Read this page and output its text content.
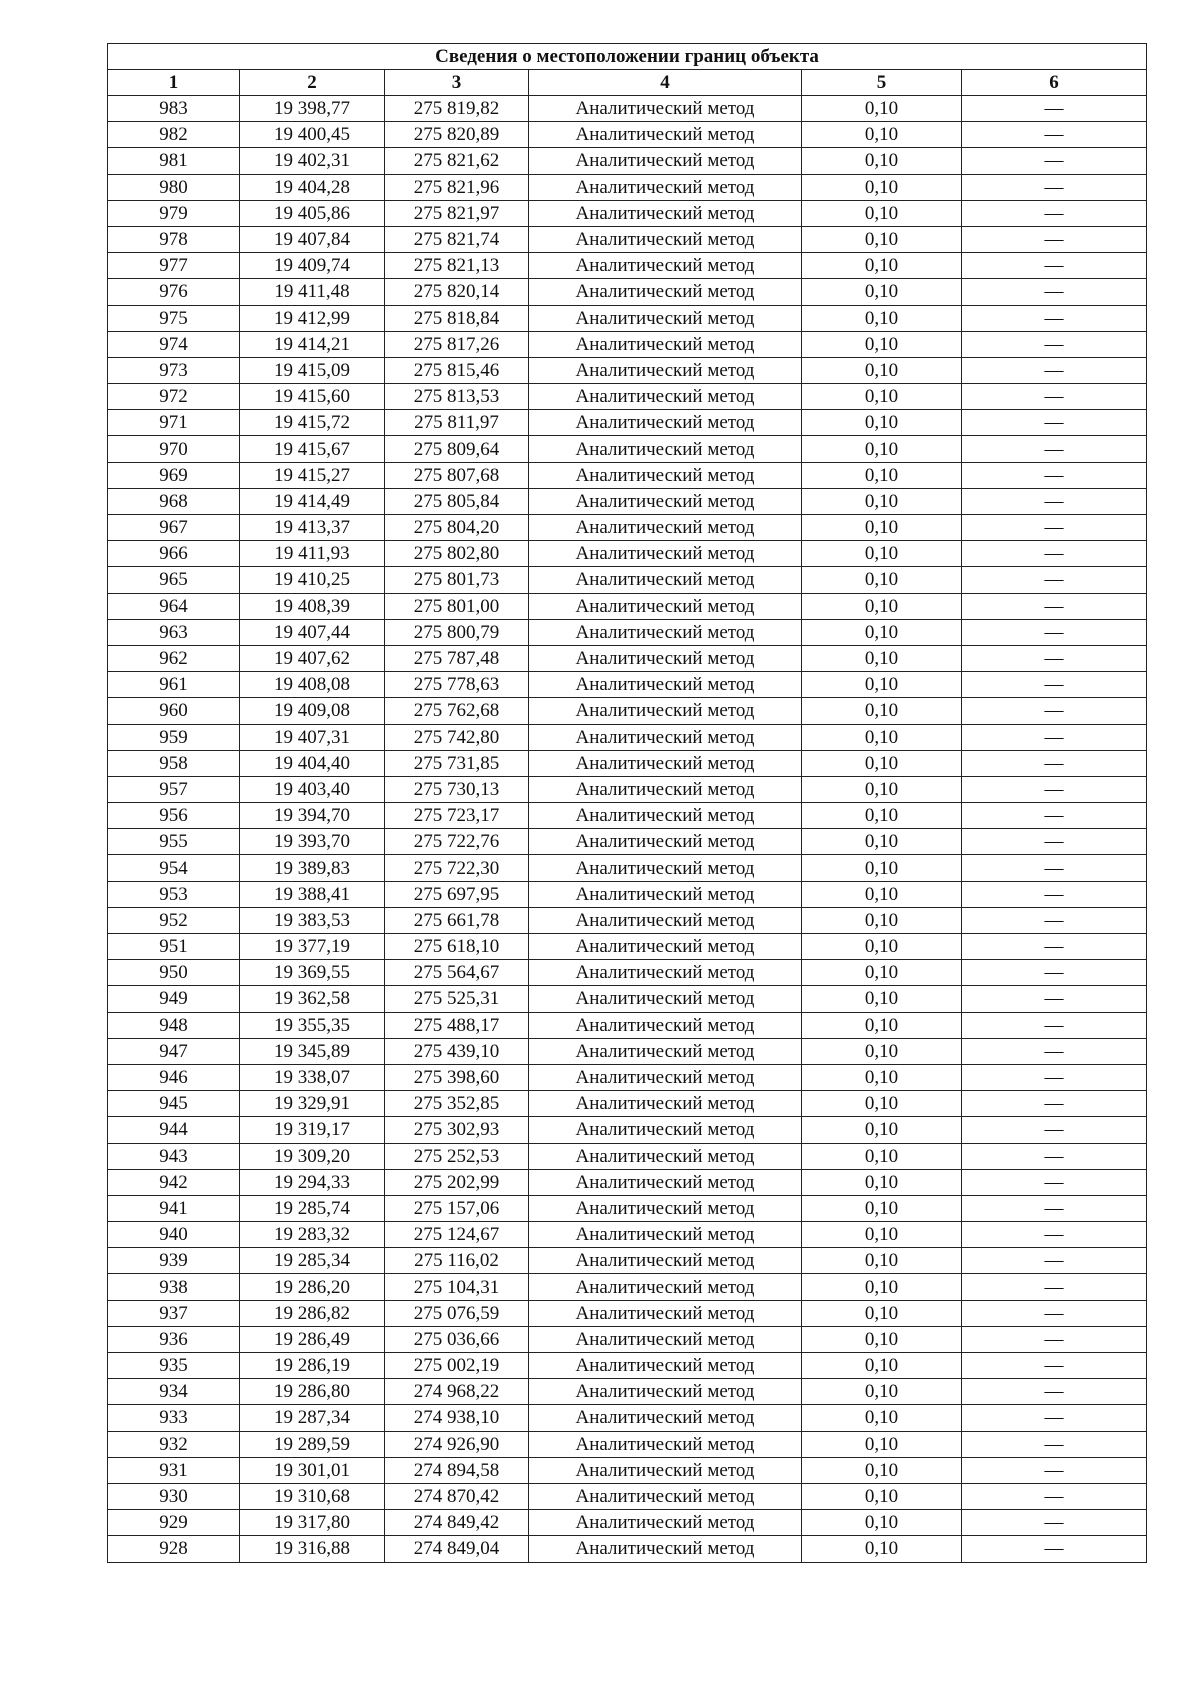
Сведения о местоположении границ объекта					
1	2	3	4	5	6
983	19 398,77	275 819,82	Аналитический метод	0,10	—
982	19 400,45	275 820,89	Аналитический метод	0,10	—
981	19 402,31	275 821,62	Аналитический метод	0,10	—
980	19 404,28	275 821,96	Аналитический метод	0,10	—
979	19 405,86	275 821,97	Аналитический метод	0,10	—
978	19 407,84	275 821,74	Аналитический метод	0,10	—
977	19 409,74	275 821,13	Аналитический метод	0,10	—
976	19 411,48	275 820,14	Аналитический метод	0,10	—
975	19 412,99	275 818,84	Аналитический метод	0,10	—
974	19 414,21	275 817,26	Аналитический метод	0,10	—
973	19 415,09	275 815,46	Аналитический метод	0,10	—
972	19 415,60	275 813,53	Аналитический метод	0,10	—
971	19 415,72	275 811,97	Аналитический метод	0,10	—
970	19 415,67	275 809,64	Аналитический метод	0,10	—
969	19 415,27	275 807,68	Аналитический метод	0,10	—
968	19 414,49	275 805,84	Аналитический метод	0,10	—
967	19 413,37	275 804,20	Аналитический метод	0,10	—
966	19 411,93	275 802,80	Аналитический метод	0,10	—
965	19 410,25	275 801,73	Аналитический метод	0,10	—
964	19 408,39	275 801,00	Аналитический метод	0,10	—
963	19 407,44	275 800,79	Аналитический метод	0,10	—
962	19 407,62	275 787,48	Аналитический метод	0,10	—
961	19 408,08	275 778,63	Аналитический метод	0,10	—
960	19 409,08	275 762,68	Аналитический метод	0,10	—
959	19 407,31	275 742,80	Аналитический метод	0,10	—
958	19 404,40	275 731,85	Аналитический метод	0,10	—
957	19 403,40	275 730,13	Аналитический метод	0,10	—
956	19 394,70	275 723,17	Аналитический метод	0,10	—
955	19 393,70	275 722,76	Аналитический метод	0,10	—
954	19 389,83	275 722,30	Аналитический метод	0,10	—
953	19 388,41	275 697,95	Аналитический метод	0,10	—
952	19 383,53	275 661,78	Аналитический метод	0,10	—
951	19 377,19	275 618,10	Аналитический метод	0,10	—
950	19 369,55	275 564,67	Аналитический метод	0,10	—
949	19 362,58	275 525,31	Аналитический метод	0,10	—
948	19 355,35	275 488,17	Аналитический метод	0,10	—
947	19 345,89	275 439,10	Аналитический метод	0,10	—
946	19 338,07	275 398,60	Аналитический метод	0,10	—
945	19 329,91	275 352,85	Аналитический метод	0,10	—
944	19 319,17	275 302,93	Аналитический метод	0,10	—
943	19 309,20	275 252,53	Аналитический метод	0,10	—
942	19 294,33	275 202,99	Аналитический метод	0,10	—
941	19 285,74	275 157,06	Аналитический метод	0,10	—
940	19 283,32	275 124,67	Аналитический метод	0,10	—
939	19 285,34	275 116,02	Аналитический метод	0,10	—
938	19 286,20	275 104,31	Аналитический метод	0,10	—
937	19 286,82	275 076,59	Аналитический метод	0,10	—
936	19 286,49	275 036,66	Аналитический метод	0,10	—
935	19 286,19	275 002,19	Аналитический метод	0,10	—
934	19 286,80	274 968,22	Аналитический метод	0,10	—
933	19 287,34	274 938,10	Аналитический метод	0,10	—
932	19 289,59	274 926,90	Аналитический метод	0,10	—
931	19 301,01	274 894,58	Аналитический метод	0,10	—
930	19 310,68	274 870,42	Аналитический метод	0,10	—
929	19 317,80	274 849,42	Аналитический метод	0,10	—
928	19 316,88	274 849,04	Аналитический метод	0,10	—
